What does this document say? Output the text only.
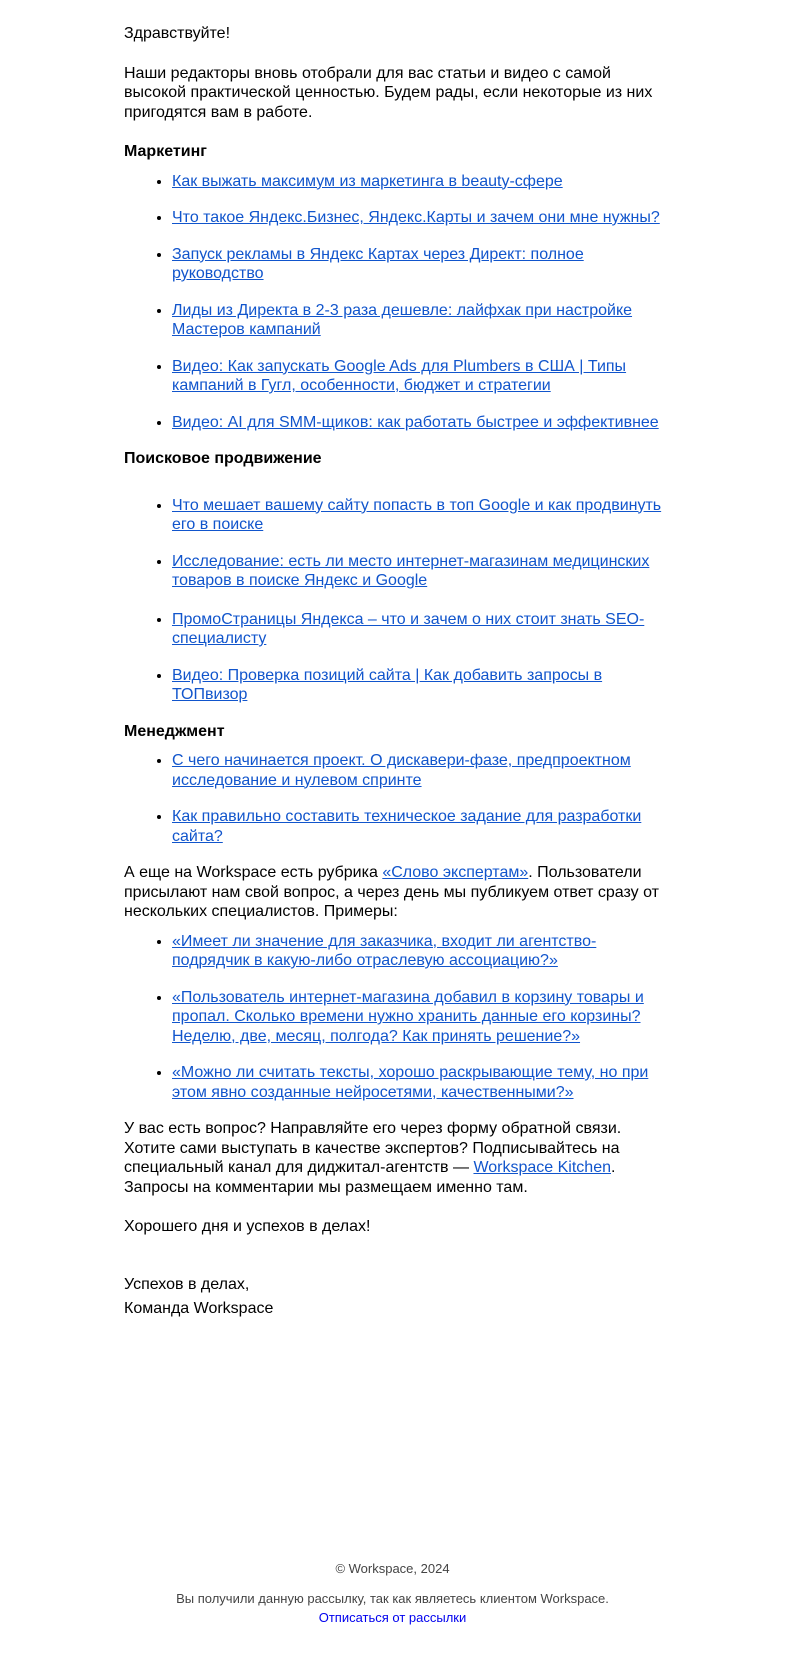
Здравствуйте!

Наши редакторы вновь отобрали для вас статьи и видео с самой высокой практической ценностью. Будем рады, если некоторые из них пригодятся вам в работе.

Маркетинг
• Как выжать максимум из маркетинга в beauty-сфере
• Что такое Яндекс.Бизнес, Яндекс.Карты и зачем они мне нужны?
• Запуск рекламы в Яндекс Картах через Директ: полное руководство
• Лиды из Директа в 2-3 раза дешевле: лайфхак при настройке Мастеров кампаний
• Видео: Как запускать Google Ads для Plumbers в США | Типы кампаний в Гугл, особенности, бюджет и стратегии
• Видео: AI для SMM-щиков: как работать быстрее и эффективнее
Поисковое продвижение
• Что мешает вашему сайту попасть в топ Google и как продвинуть его в поиске
• Исследование: есть ли место интернет-магазинам медицинских товаров в поиске Яндекс и Google
• ПромоСтраницы Яндекса – что и зачем о них стоит знать SEO-специалисту
• Видео: Проверка позиций сайта | Как добавить запросы в ТОПвизор
Менеджмент
• С чего начинается проект. О дискавери-фазе, предпроектном исследование и нулевом спринте
• Как правильно составить техническое задание для разработки сайта?

А еще на Workspace есть рубрика «Слово экспертам». Пользователи присылают нам свой вопрос, а через день мы публикуем ответ сразу от нескольких специалистов. Примеры:

• «Имеет ли значение для заказчика, входит ли агентство-подрядчик в какую-либо отраслевую ассоциацию?»
• «Пользователь интернет-магазина добавил в корзину товары и пропал. Сколько времени нужно хранить данные его корзины? Неделю, две, месяц, полгода? Как принять решение?»
• «Можно ли считать тексты, хорошо раскрывающие тему, но при этом явно созданные нейросетями, качественными?»

У вас есть вопрос? Направляйте его через форму обратной связи. Хотите сами выступать в качестве экспертов? Подписывайтесь на специальный канал для диджитал-агентств — Workspace Kitchen. Запросы на комментарии мы размещаем именно там.

Хорошего дня и успехов в делах!

Успехов в делах,
Команда Workspace

© Workspace, 2024

Вы получили данную рассылку, так как являетесь клиентом Workspace.

Отписаться от рассылки
